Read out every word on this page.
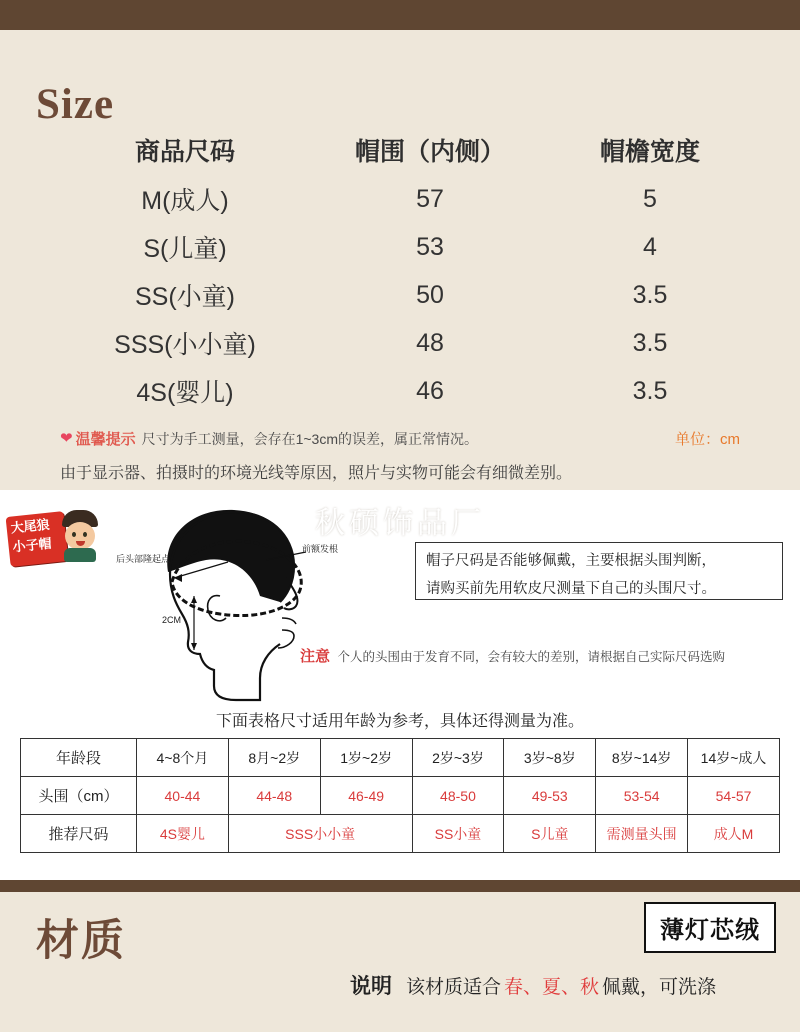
Size
商品尺码	帽围（内侧）	帽檐宽度
M(成人)	57	5
S(儿童)	53	4
SS(小童)	50	3.5
SSS(小小童)	48	3.5
4S(婴儿)	46	3.5
❤ 温馨提示 尺寸为手工测量，会存在1~3cm的误差，属正常情况。	单位：cm
由于显示器、拍摄时的环境光线等原因，照片与实物可能会有细微差别。
大尾狼
小子帽
后头部隆起点
前额发根
2CM

帽子尺码是否能够佩戴，主要根据头围判断，

请购买前先用软皮尺测量下自己的头围尺寸。

注意 个人的头围由于发育不同，会有较大的差别，请根据自己实际尺码选购
下面表格尺寸适用年龄为参考，具体还得测量为准。
年龄段	4~8个月	8月~2岁	1岁~2岁	2岁~3岁	3岁~8岁	8岁~14岁	14岁~成人
头围（cm）	40-44	44-48	46-49	48-50	49-53	53-54	54-57
推荐尺码	4S婴儿	SSS小小童		SS小童	S儿童	需测量头围	成人M
秋硕饰品厂
材质	薄灯芯绒
说明 该材质适合 春、夏、秋 佩戴，可洗涤
